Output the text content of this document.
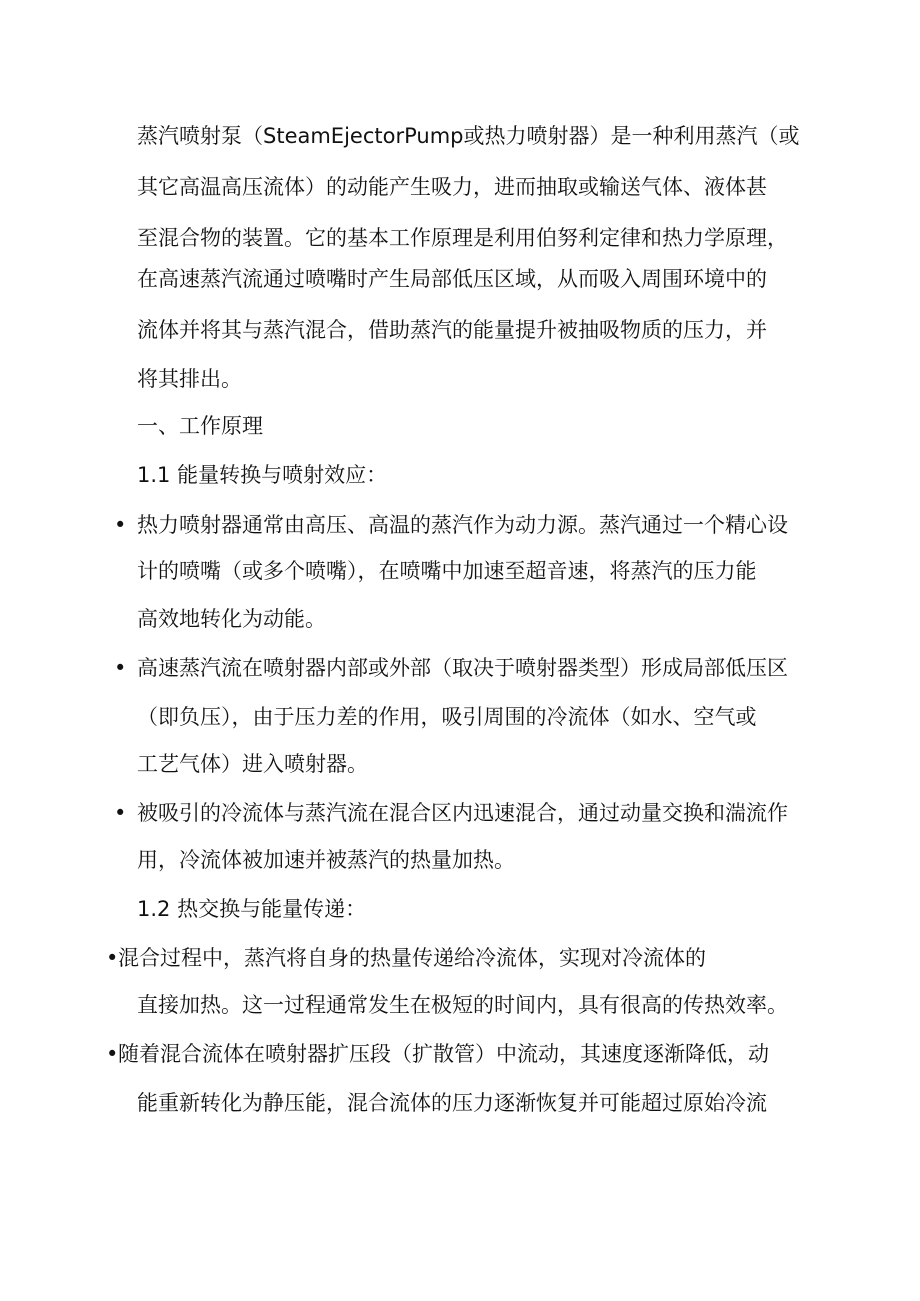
蒸汽喷射泵（SteamEjectorPump或热力喷射器）是一种利用蒸汽（或
其它高温高压流体）的动能产生吸力，进而抽取或输送气体、液体甚
至混合物的装置。它的基本工作原理是利用伯努利定律和热力学原理，
在高速蒸汽流通过喷嘴时产生局部低压区域，从而吸入周围环境中的
流体并将其与蒸汽混合，借助蒸汽的能量提升被抽吸物质的压力，并
将其排出。
一、工作原理
1.1 能量转换与喷射效应：
• 热力喷射器通常由高压、高温的蒸汽作为动力源。蒸汽通过一个精心设
计的喷嘴（或多个喷嘴），在喷嘴中加速至超音速，将蒸汽的压力能
高效地转化为动能。
• 高速蒸汽流在喷射器内部或外部（取决于喷射器类型）形成局部低压区
（即负压），由于压力差的作用，吸引周围的冷流体（如水、空气或
工艺气体）进入喷射器。
• 被吸引的冷流体与蒸汽流在混合区内迅速混合，通过动量交换和湍流作
用，冷流体被加速并被蒸汽的热量加热。
1.2 热交换与能量传递：
• 混合过程中，蒸汽将自身的热量传递给冷流体，实现对冷流体的
直接加热。这一过程通常发生在极短的时间内，具有很高的传热效率。
• 随着混合流体在喷射器扩压段（扩散管）中流动，其速度逐渐降低，动
能重新转化为静压能，混合流体的压力逐渐恢复并可能超过原始冷流
